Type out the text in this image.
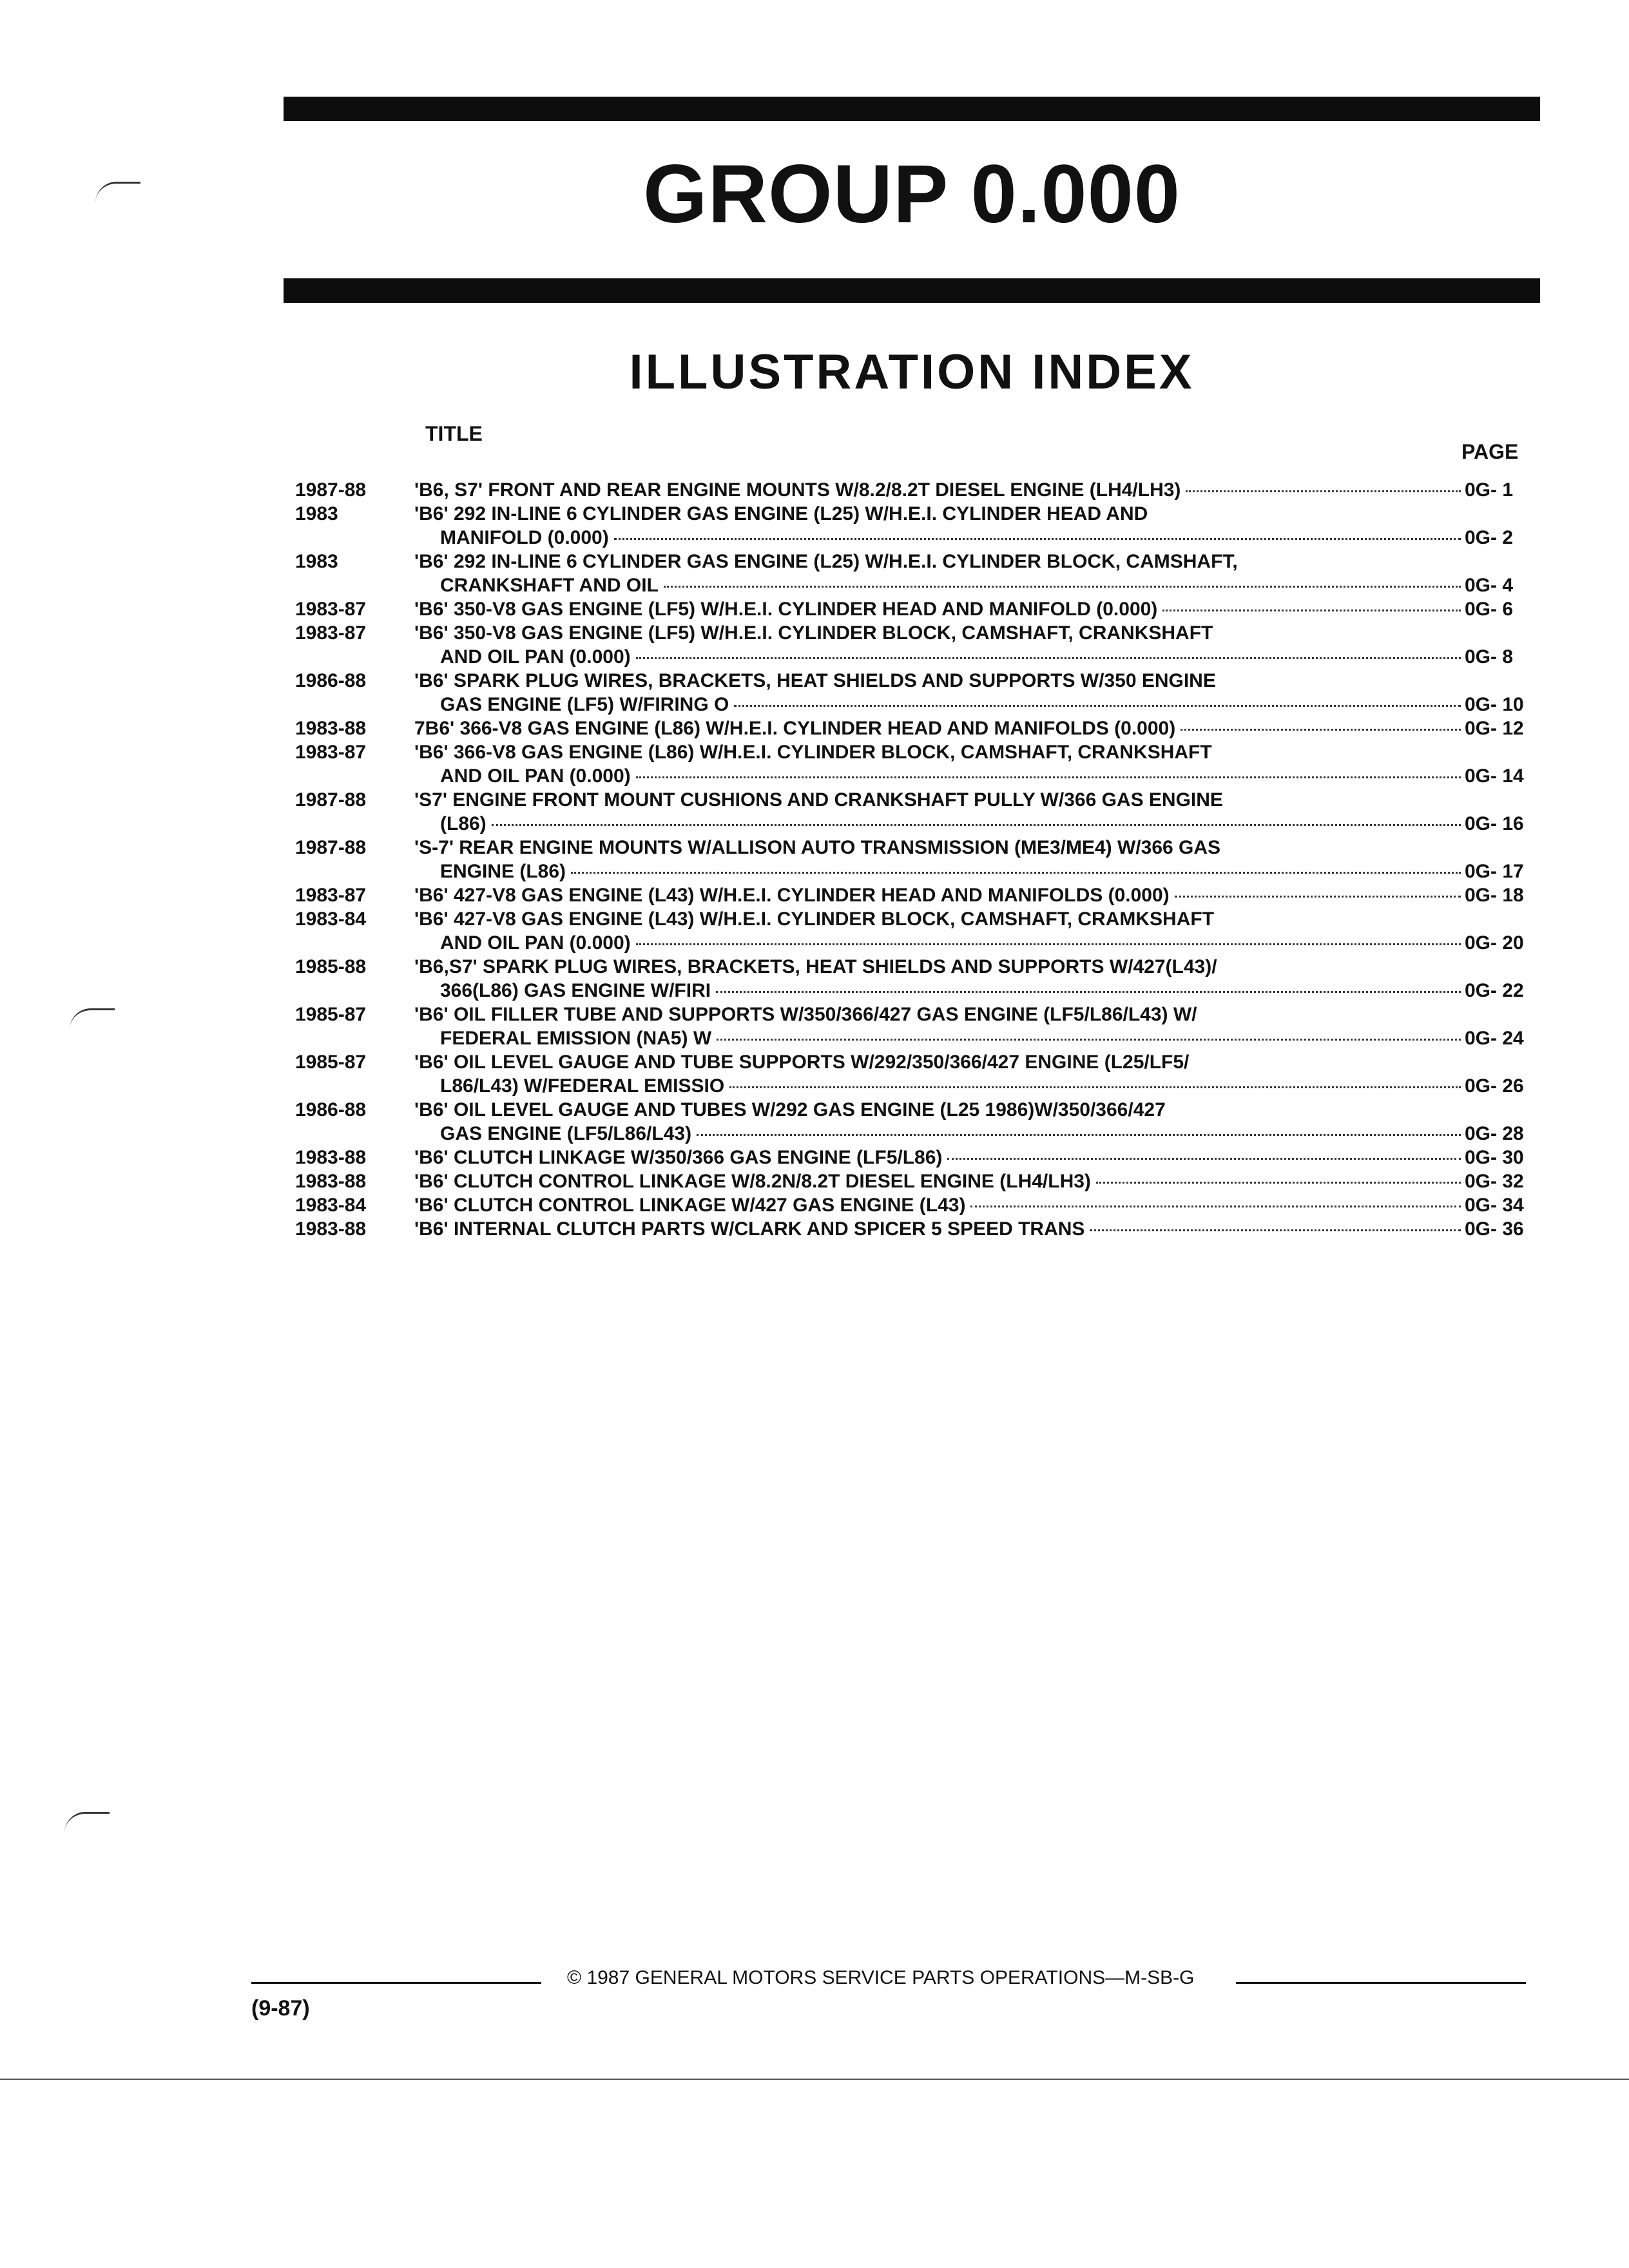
GROUP 0.000
ILLUSTRATION INDEX
TITLE
PAGE
1987-88	'B6, S7' FRONT AND REAR ENGINE MOUNTS W/8.2/8.2T DIESEL ENGINE (LH4/LH3)	0G- 1
1983	'B6' 292 IN-LINE 6 CYLINDER GAS ENGINE (L25) W/H.E.I. CYLINDER HEAD AND
MANIFOLD (0.000)	0G- 2
1983	'B6' 292 IN-LINE 6 CYLINDER GAS ENGINE (L25) W/H.E.I. CYLINDER BLOCK, CAMSHAFT,
CRANKSHAFT AND OIL	0G- 4
1983-87	'B6' 350-V8 GAS ENGINE (LF5) W/H.E.I. CYLINDER HEAD AND MANIFOLD (0.000)	0G- 6
1983-87	'B6' 350-V8 GAS ENGINE (LF5) W/H.E.I. CYLINDER BLOCK, CAMSHAFT, CRANKSHAFT
AND OIL PAN (0.000)	0G- 8
1986-88	'B6' SPARK PLUG WIRES, BRACKETS, HEAT SHIELDS AND SUPPORTS W/350 ENGINE
GAS ENGINE (LF5) W/FIRING O	0G- 10
1983-88	7B6' 366-V8 GAS ENGINE (L86) W/H.E.I. CYLINDER HEAD AND MANIFOLDS (0.000)	0G- 12
1983-87	'B6' 366-V8 GAS ENGINE (L86) W/H.E.I. CYLINDER BLOCK, CAMSHAFT, CRANKSHAFT
AND OIL PAN (0.000)	0G- 14
1987-88	'S7' ENGINE FRONT MOUNT CUSHIONS AND CRANKSHAFT PULLY W/366 GAS ENGINE
(L86)	0G- 16
1987-88	'S-7' REAR ENGINE MOUNTS W/ALLISON AUTO TRANSMISSION (ME3/ME4) W/366 GAS
ENGINE (L86)	0G- 17
1983-87	'B6' 427-V8 GAS ENGINE (L43) W/H.E.I. CYLINDER HEAD AND MANIFOLDS (0.000)	0G- 18
1983-84	'B6' 427-V8 GAS ENGINE (L43) W/H.E.I. CYLINDER BLOCK, CAMSHAFT, CRAMKSHAFT
AND OIL PAN (0.000)	0G- 20
1985-88	'B6,S7' SPARK PLUG WIRES, BRACKETS, HEAT SHIELDS AND SUPPORTS W/427(L43)/
366(L86) GAS ENGINE W/FIRI	0G- 22
1985-87	'B6' OIL FILLER TUBE AND SUPPORTS W/350/366/427 GAS ENGINE (LF5/L86/L43) W/
FEDERAL EMISSION (NA5) W	0G- 24
1985-87	'B6' OIL LEVEL GAUGE AND TUBE SUPPORTS W/292/350/366/427 ENGINE (L25/LF5/
L86/L43) W/FEDERAL EMISSIO	0G- 26
1986-88	'B6' OIL LEVEL GAUGE AND TUBES W/292 GAS ENGINE (L25 1986)W/350/366/427
GAS ENGINE (LF5/L86/L43)	0G- 28
1983-88	'B6' CLUTCH LINKAGE W/350/366 GAS ENGINE (LF5/L86)	0G- 30
1983-88	'B6' CLUTCH CONTROL LINKAGE W/8.2N/8.2T DIESEL ENGINE (LH4/LH3)	0G- 32
1983-84	'B6' CLUTCH CONTROL LINKAGE W/427 GAS ENGINE (L43)	0G- 34
1983-88	'B6' INTERNAL CLUTCH PARTS W/CLARK AND SPICER 5 SPEED TRANS	0G- 36
© 1987 GENERAL MOTORS SERVICE PARTS OPERATIONS—M-SB-G
(9-87)
